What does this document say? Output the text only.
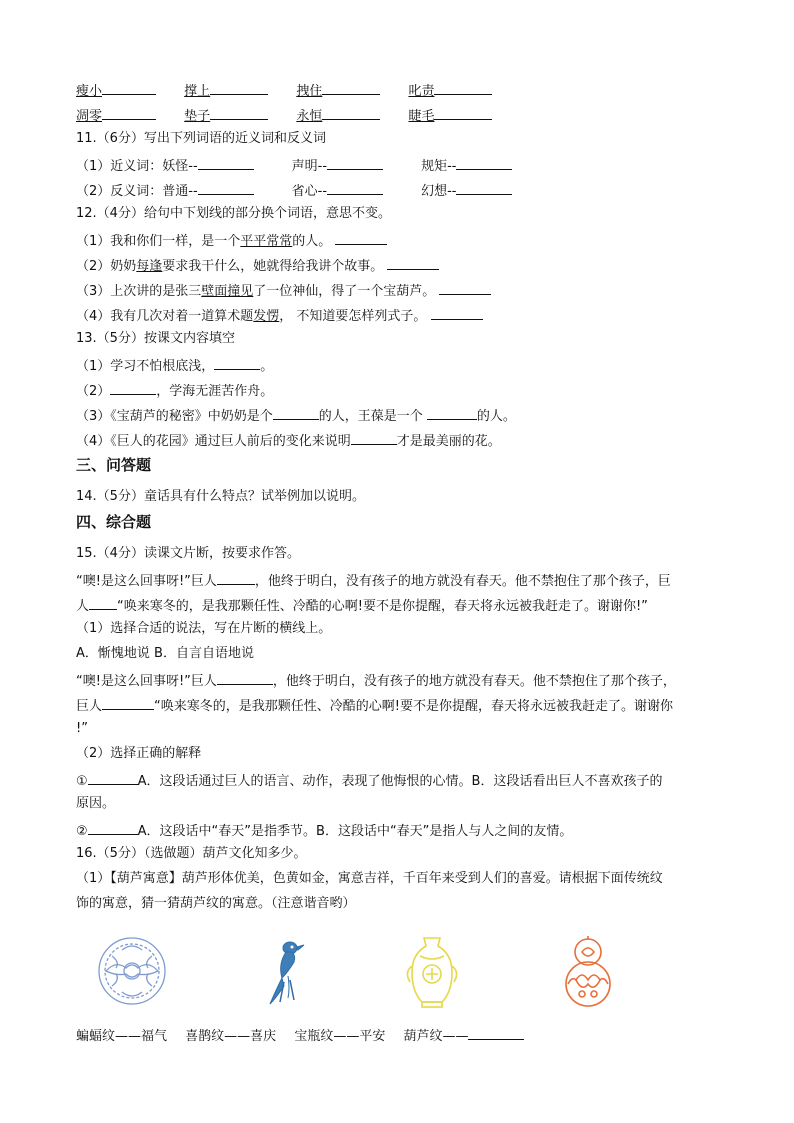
瘦小	撑上	拽住	叱责
凋零	垫子	永恒	睫毛
11.（6分）写出下列词语的近义词和反义词
（1）近义词：妖怪--	声明--	规矩--
（2）反义词：普通--	省心--	幻想--
12.（4分）给句中下划线的部分换个词语，意思不变。
（1）我和你们一样，是一个平平常常的人。
（2）奶奶每逢要求我干什么，她就得给我讲个故事。
（3）上次讲的是张三壁面撞见了一位神仙，得了一个宝葫芦。
（4）我有几次对着一道算术题发愣， 不知道要怎样列式子。
13.（5分）按课文内容填空
（1）学习不怕根底浅，	。
（2）	，学海无涯苦作舟。
（3）《宝葫芦的秘密》中奶奶是个	的人，王葆是一个	的人。
（4）《巨人的花园》通过巨人前后的变化来说明	才是最美丽的花。
三、问答题
14.（5分）童话具有什么特点？试举例加以说明。
四、综合题
15.（4分）读课文片断，按要求作答。
“噢!是这么回事呀!”巨人	，他终于明白，没有孩子的地方就没有春天。他不禁抱住了那个孩子，巨
人 “唤来寒冬的，是我那颗任性、冷酷的心啊!要不是你提醒，春天将永远被我赶走了。谢谢你!”
（1）选择合适的说法，写在片断的横线上。
A．惭愧地说 B．自言自语地说
“噢!是这么回事呀!”巨人	，他终于明白，没有孩子的地方就没有春天。他不禁抱住了那个孩子，
巨人	“唤来寒冬的，是我那颗任性、冷酷的心啊!要不是你提醒，春天将永远被我赶走了。谢谢你
!”
（2）选择正确的解释
①	A．这段话通过巨人的语言、动作，表现了他悔恨的心情。B．这段话看出巨人不喜欢孩子的
原因。
②	A．这段话中“春天”是指季节。B．这段话中“春天”是指人与人之间的友情。
16.（5分）（选做题）葫芦文化知多少。
（1）【葫芦寓意】葫芦形体优美，色黄如金，寓意吉祥，千百年来受到人们的喜爱。请根据下面传统纹
饰的寓意，猜一猜葫芦纹的寓意。（注意谐音哟）
蝙蝠纹——福气 喜鹊纹——喜庆 宝瓶纹——平安 葫芦纹——
